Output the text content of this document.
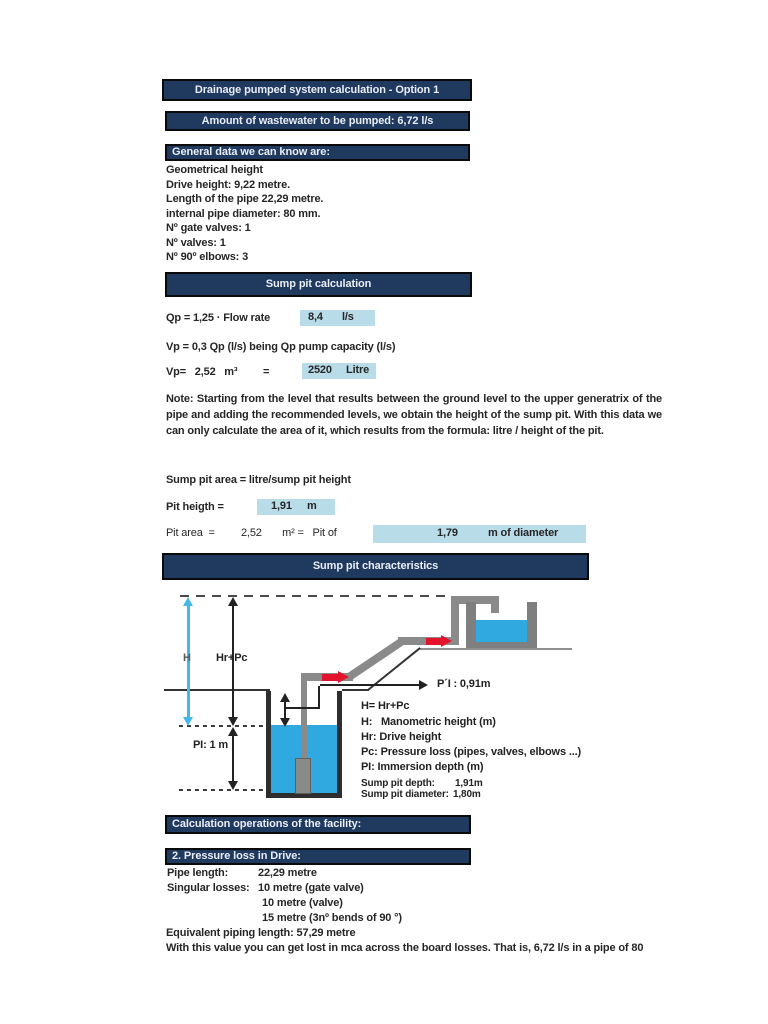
Drainage pumped system calculation - Option 1
Amount of wastewater to be pumped: 6,72 l/s
General data we can know are:
Geometrical height
Drive height: 9,22 metre.
Length of the pipe 22,29 metre.
internal pipe diameter: 80 mm.
Nº gate valves: 1
Nº valves: 1
Nº 90º elbows: 3
Sump pit calculation
Qp = 1,25 · Flow rate	8,4 l/s
Vp = 0,3 Qp (l/s) being Qp pump capacity (l/s)
Vp=   2,52   m³ =	2520 Litre
Note: Starting from the level that results between the ground level to the upper generatrix of the pipe and adding the recommended levels, we obtain the height of the sump pit. With this data we can only calculate the area of it, which results from the formula: litre / height of the pit.
Sump pit area = litre/sump pit height
Pit heigth =	1,91 m
Pit area  =         2,52       m² =   Pit of	1,79	m of diameter
Sump pit characteristics
H Hr+Pc
PI: 1 m
P´I : 0,91m
H= Hr+Pc
H:   Manometric height (m)
Hr: Drive height
Pc: Pressure loss (pipes, valves, elbows ...)
PI: Immersion depth (m)
Sump pit depth: 1,91m
Sump pit diameter: 1,80m
Calculation operations of the facility:
2. Pressure loss in Drive:
Pipe length:	22,29 metre
Singular losses: 10 metre (gate valve)
10 metre (valve)
15 metre (3nº bends of 90 °)
Equivalent piping length: 57,29 metre
With this value you can get lost in mca across the board losses. That is, 6,72 l/s in a pipe of 80
